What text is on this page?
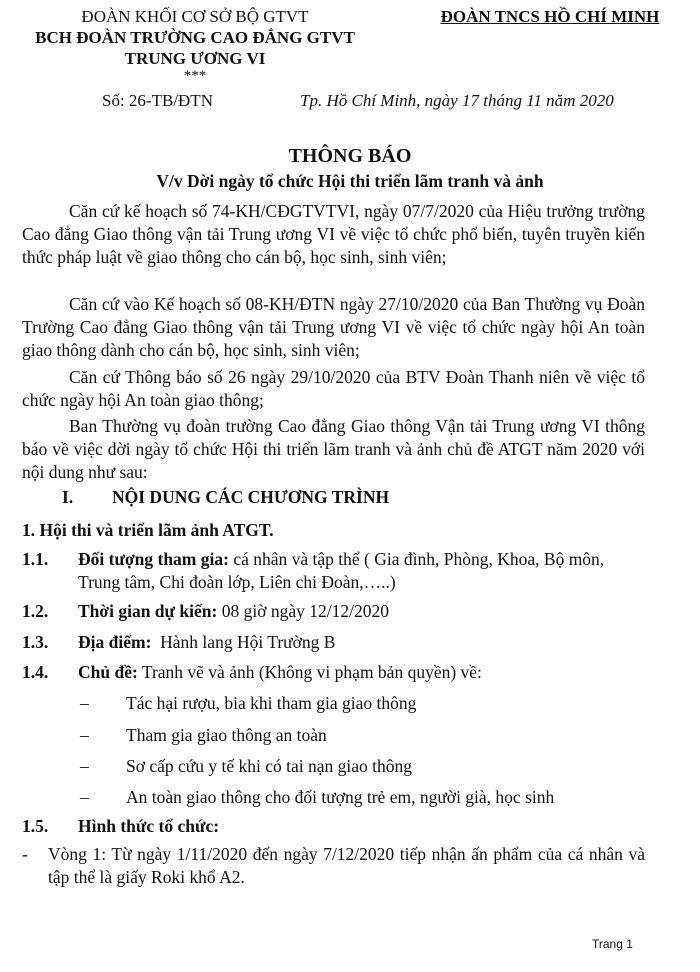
ĐOÀN KHỐI CƠ SỞ BỘ GTVT
BCH ĐOÀN TRƯỜNG CAO ĐẲNG GTVT
TRUNG ƯƠNG VI
***
ĐOÀN TNCS HỒ CHÍ MINH
Số: 26-TB/ĐTN	Tp. Hồ Chí Minh, ngày 17 tháng 11 năm 2020
THÔNG BÁO
V/v Dời ngày tổ chức Hội thi triển lãm tranh và ảnh
Căn cứ kế hoạch số 74-KH/CĐGTVTVI, ngày 07/7/2020 của Hiệu trưởng trường Cao đẳng Giao thông vận tải Trung ương VI về việc tổ chức phổ biến, tuyên truyền kiến thức pháp luật về giao thông cho cán bộ, học sinh, sinh viên;
Căn cứ vào Kế hoạch số 08-KH/ĐTN ngày 27/10/2020 của Ban Thường vụ Đoàn Trường Cao đẳng Giao thông vận tải Trung ương VI về việc tổ chức ngày hội An toàn giao thông dành cho cán bộ, học sinh, sinh viên;
Căn cứ Thông báo số 26 ngày 29/10/2020 của BTV Đoàn Thanh niên về việc tổ chức ngày hội An toàn giao thông;
Ban Thường vụ đoàn trường Cao đẳng Giao thông Vận tải Trung ương VI thông báo về việc dời ngày tổ chức Hội thi triển lãm tranh và ảnh chủ đề ATGT năm 2020 với nội dung như sau:
I. NỘI DUNG CÁC CHƯƠNG TRÌNH
1. Hội thi và triển lãm ảnh ATGT.
1.1. Đối tượng tham gia: cá nhân và tập thể ( Gia đình, Phòng, Khoa, Bộ môn, Trung tâm, Chi đoàn lớp, Liên chi Đoàn,…..)
1.2. Thời gian dự kiến: 08 giờ ngày 12/12/2020
1.3. Địa điểm:  Hành lang Hội Trường B
1.4. Chủ đề: Tranh vẽ và ảnh (Không vi phạm bản quyền) về:
– Tác hại rượu, bia khi tham gia giao thông
– Tham gia giao thông an toàn
– Sơ cấp cứu y tế khi có tai nạn giao thông
– An toàn giao thông cho đối tượng trẻ em, người già, học sinh
1.5. Hình thức tổ chức:
- Vòng 1: Từ ngày 1/11/2020 đến ngày 7/12/2020 tiếp nhận ấn phẩm của cá nhân và tập thể là giấy Roki khổ A2.
Trang 1
